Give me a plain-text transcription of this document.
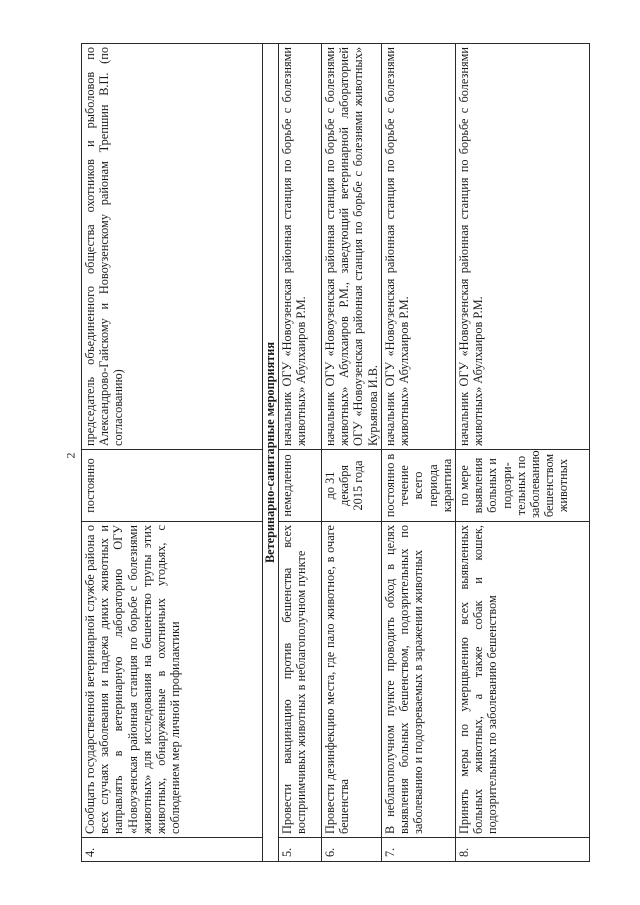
2
4.	Сообщать государственной ветеринарной службе района о всех случаях заболевания и падежа диких животных и направлять в ветеринарную лабораторию ОГУ «Новоузенская районная станция по борьбе с болезнями животных» для исследования на бешенство трупы этих животных, обнаруженные в охотничьих угодьях, с соблюдением мер личной профилактики	постоянно	председатель объединенного общества охотников и рыболовов по Александрово-Гайскому и Новоузенскому районам Трепшин В.П. (по согласованию)
Ветеринарно-санитарные мероприятия			
5.	Провести вакцинацию против бешенства всех восприимчивых животных в неблагополучном пункте	немедленно	начальник ОГУ «Новоузенская районная станция по борьбе с болезнями животных» Абулхаиров Р.М.
6.	Провести дезинфекцию места, где пало животное, в очаге бешенства	до 31 декабря 2015 года	начальник ОГУ «Новоузенская районная станция по борьбе с болезнями животных» Абулхаиров Р.М., заведующий ветеринарной лабораторией ОГУ «Новоузенская районная станция по борьбе с болезнями животных» Курьянова И.В.
7.	В неблагополучном пункте проводить обход в целях выявления больных бешенством, подозрительных по заболеванию и подозреваемых в заражении животных	постоянно в течение всего периода карантина	начальник ОГУ «Новоузенская районная станция по борьбе с болезнями животных» Абулхаиров Р.М.
8.	Принять меры по умерщвлению всех выявленных больных животных, а также собак и кошек, подозрительных по заболеванию бешенством	по мере выявления больных и подозри-тельных по заболеванию бешенством животных	начальник ОГУ «Новоузенская районная станция по борьбе с болезнями животных» Абулхаиров Р.М.
